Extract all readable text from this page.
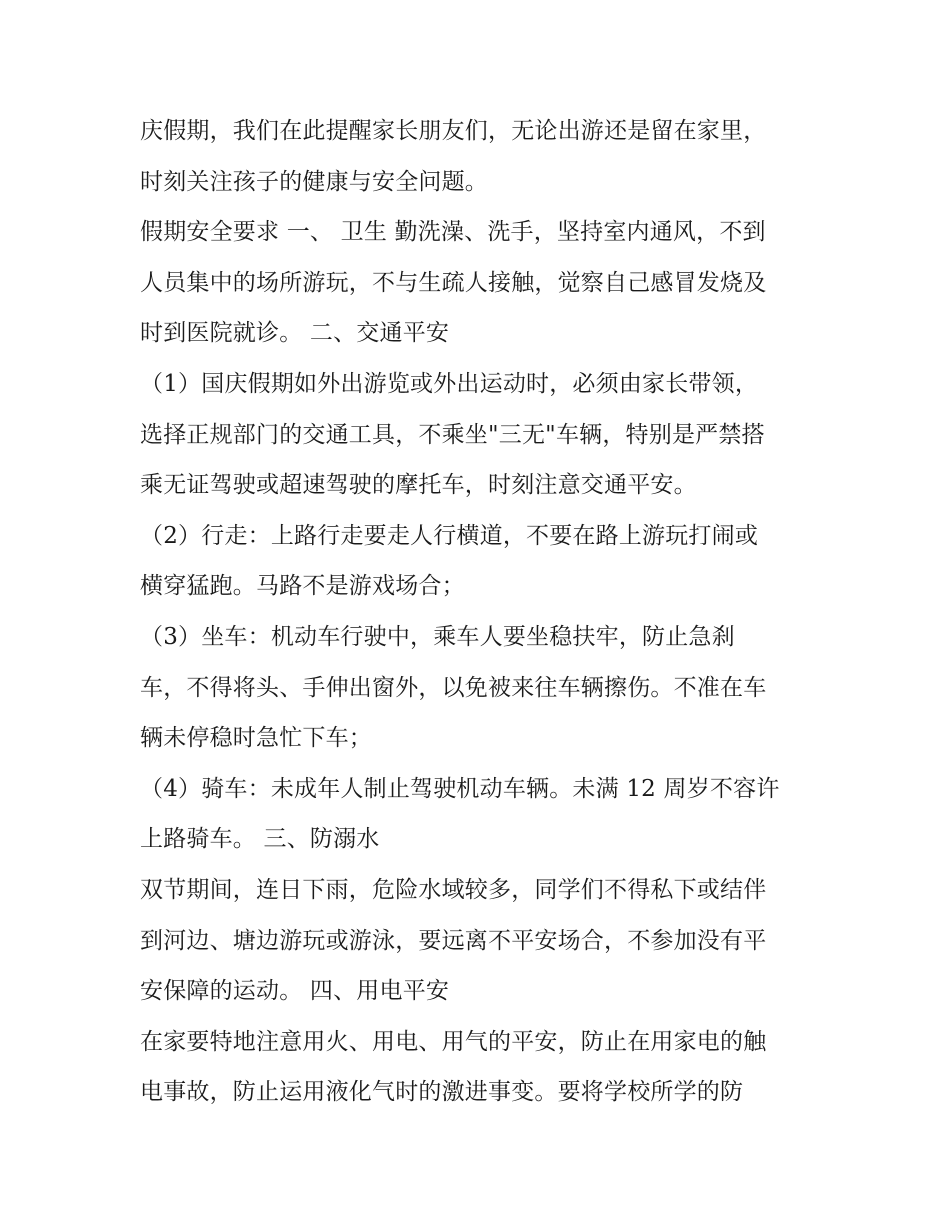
庆假期，我们在此提醒家长朋友们，无论出游还是留在家里，
时刻关注孩子的健康与安全问题。
假期安全要求 一、 卫生 勤洗澡、洗手，坚持室内通风，不到
人员集中的场所游玩，不与生疏人接触，觉察自己感冒发烧及
时到医院就诊。 二、交通平安
（1）国庆假期如外出游览或外出运动时，必须由家长带领，
选择正规部门的交通工具，不乘坐"三无"车辆，特别是严禁搭
乘无证驾驶或超速驾驶的摩托车，时刻注意交通平安。
（2）行走：上路行走要走人行横道，不要在路上游玩打闹或
横穿猛跑。马路不是游戏场合；
（3）坐车：机动车行驶中，乘车人要坐稳扶牢，防止急刹
车，不得将头、手伸出窗外，以免被来往车辆擦伤。不准在车
辆未停稳时急忙下车；
（4）骑车：未成年人制止驾驶机动车辆。未满 12 周岁不容许
上路骑车。 三、防溺水
双节期间，连日下雨，危险水域较多，同学们不得私下或结伴
到河边、塘边游玩或游泳，要远离不平安场合，不参加没有平
安保障的运动。 四、用电平安
在家要特地注意用火、用电、用气的平安，防止在用家电的触
电事故，防止运用液化气时的激进事变。要将学校所学的防
